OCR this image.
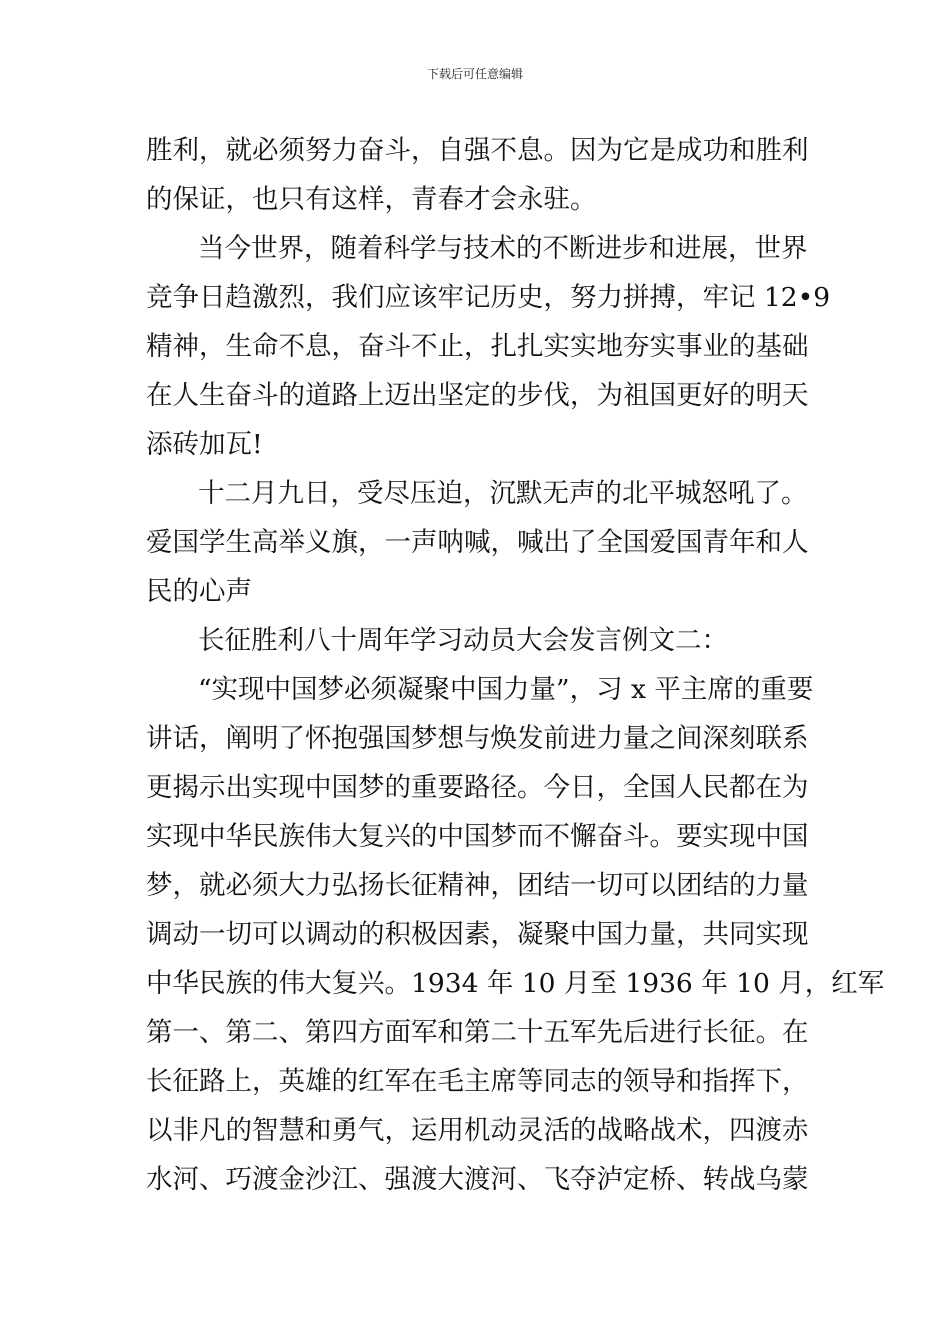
下载后可任意编辑
胜利，就必须努力奋斗，自强不息。因为它是成功和胜利
的保证，也只有这样，青春才会永驻。
当今世界，随着科学与技术的不断进步和进展，世界
竞争日趋激烈，我们应该牢记历史，努力拼搏，牢记 12•9
精神，生命不息，奋斗不止，扎扎实实地夯实事业的基础
在人生奋斗的道路上迈出坚定的步伐，为祖国更好的明天
添砖加瓦!
十二月九日，受尽压迫，沉默无声的北平城怒吼了。
爱国学生高举义旗，一声呐喊，喊出了全国爱国青年和人
民的心声
长征胜利八十周年学习动员大会发言例文二：
“实现中国梦必须凝聚中国力量”，习 x 平主席的重要
讲话，阐明了怀抱强国梦想与焕发前进力量之间深刻联系
更揭示出实现中国梦的重要路径。今日，全国人民都在为
实现中华民族伟大复兴的中国梦而不懈奋斗。要实现中国
梦，就必须大力弘扬长征精神，团结一切可以团结的力量
调动一切可以调动的积极因素，凝聚中国力量，共同实现
中华民族的伟大复兴。1934 年 10 月至 1936 年 10 月，红军
第一、第二、第四方面军和第二十五军先后进行长征。在
长征路上，英雄的红军在毛主席等同志的领导和指挥下，
以非凡的智慧和勇气，运用机动灵活的战略战术，四渡赤
水河、巧渡金沙江、强渡大渡河、飞夺泸定桥、转战乌蒙
